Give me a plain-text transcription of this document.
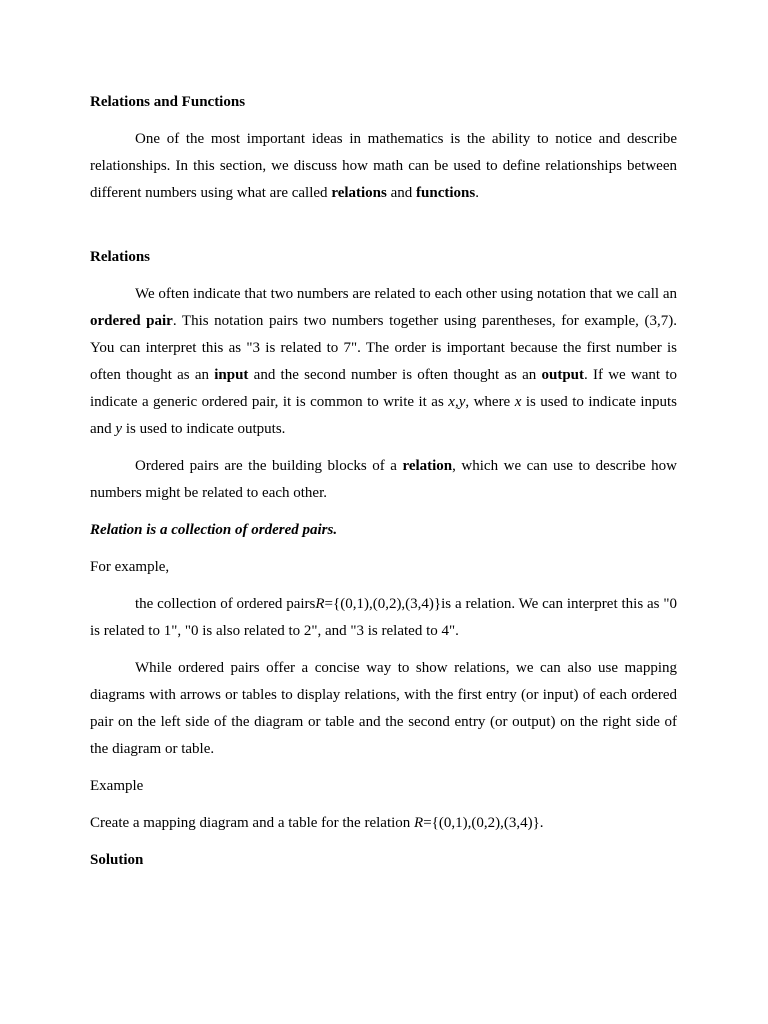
Relations and Functions

One of the most important ideas in mathematics is the ability to notice and describe relationships. In this section, we discuss how math can be used to define relationships between different numbers using what are called relations and functions.

Relations

We often indicate that two numbers are related to each other using notation that we call an ordered pair. This notation pairs two numbers together using parentheses, for example, (3,7). You can interpret this as "3 is related to 7". The order is important because the first number is often thought as an input and the second number is often thought as an output. If we want to indicate a generic ordered pair, it is common to write it as x,y, where x is used to indicate inputs and y is used to indicate outputs.

Ordered pairs are the building blocks of a relation, which we can use to describe how numbers might be related to each other.

Relation is a collection of ordered pairs.

For example,

the collection of ordered pairsR={(0,1),(0,2),(3,4)}is a relation. We can interpret this as "0 is related to 1", "0 is also related to 2", and "3 is related to 4".

While ordered pairs offer a concise way to show relations, we can also use mapping diagrams with arrows or tables to display relations, with the first entry (or input) of each ordered pair on the left side of the diagram or table and the second entry (or output) on the right side of the diagram or table.

Example

Create a mapping diagram and a table for the relation R={(0,1),(0,2),(3,4)}.

Solution
